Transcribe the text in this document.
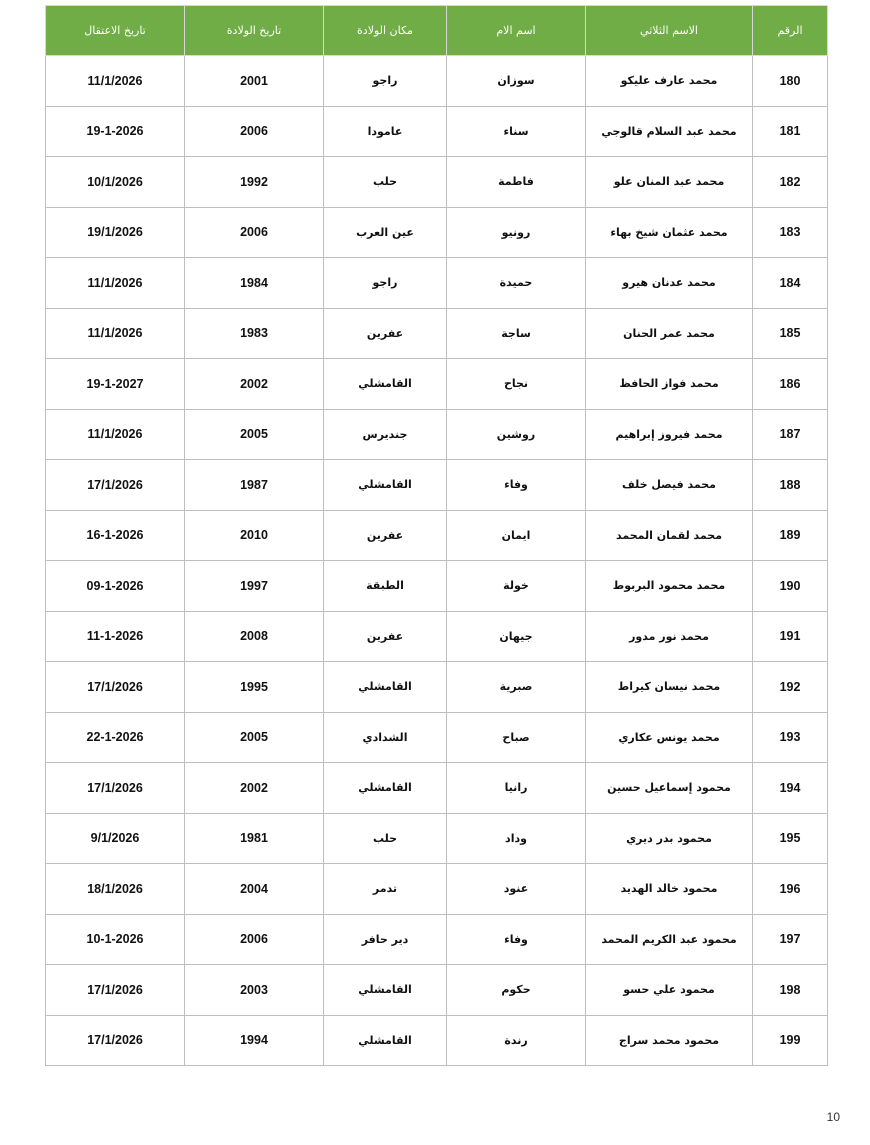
الرقم	الاسم الثلاثي	اسم الام	مكان الولادة	تاريخ الولادة	تاريخ الاعتقال
180	محمد عارف عليكو	سوزان	راجو	2001	11/1/2026
181	محمد عبد السلام قالوجي	سناء	عامودا	2006	19-1-2026
182	محمد عبد المنان علو	فاطمة	حلب	1992	10/1/2026
183	محمد عثمان شيخ بهاء	رونيو	عين العرب	2006	19/1/2026
184	محمد عدنان هيرو	حميدة	راجو	1984	11/1/2026
185	محمد عمر الحنان	ساجة	عفرين	1983	11/1/2026
186	محمد فواز الحافظ	نجاح	القامشلي	2002	19-1-2027
187	محمد فيروز إبراهيم	روشين	جنديرس	2005	11/1/2026
188	محمد فيصل خلف	وفاء	القامشلي	1987	17/1/2026
189	محمد لقمان المحمد	ايمان	عفرين	2010	16-1-2026
190	محمد محمود البربوط	خولة	الطبقة	1997	09-1-2026
191	محمد نور مدور	جيهان	عفرين	2008	11-1-2026
192	محمد نيسان كيراط	صبرية	القامشلي	1995	17/1/2026
193	محمد يونس عكاري	صباح	الشدادي	2005	22-1-2026
194	محمود إسماعيل حسين	رانيا	القامشلي	2002	17/1/2026
195	محمود بدر ديري	وداد	حلب	1981	9/1/2026
196	محمود خالد الهديد	عنود	تدمر	2004	18/1/2026
197	محمود عبد الكريم المحمد	وفاء	دير حافر	2006	10-1-2026
198	محمود علي حسو	حكوم	القامشلي	2003	17/1/2026
199	محمود محمد سراج	رندة	القامشلي	1994	17/1/2026
10
